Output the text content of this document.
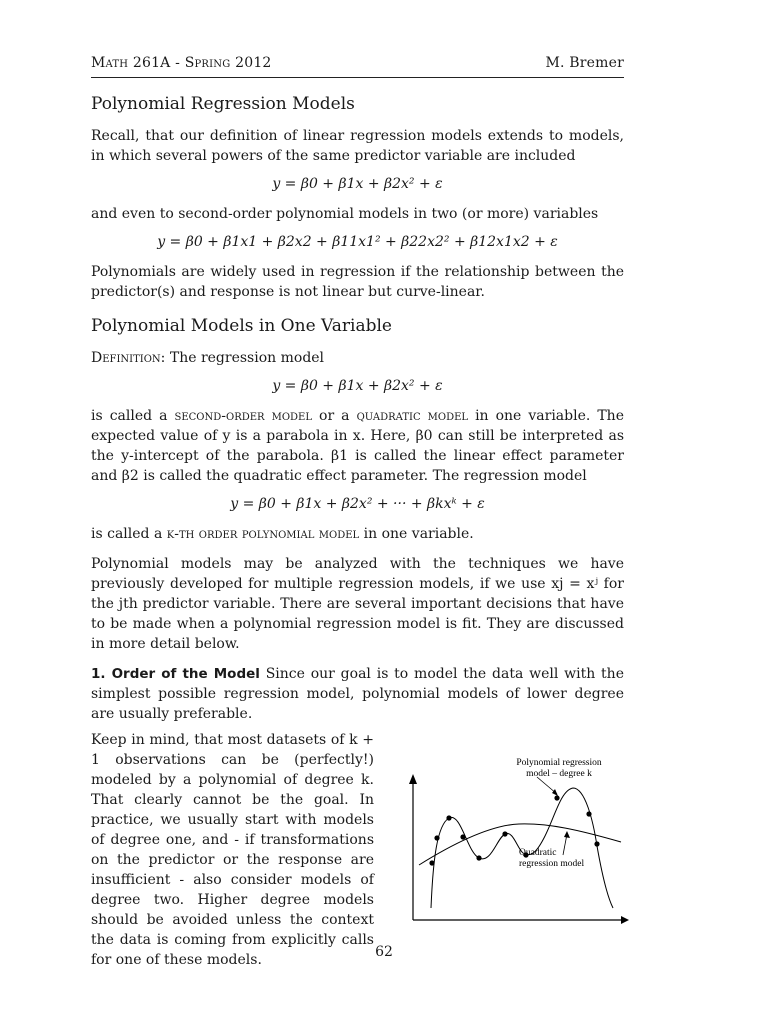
Math 261A - Spring 2012	M. Bremer
Polynomial Regression Models

Recall, that our definition of linear regression models extends to models, in which several powers of the same predictor variable are included

y = β0 + β1x + β2x² + ε

and even to second-order polynomial models in two (or more) variables

y = β0 + β1x1 + β2x2 + β11x1² + β22x2² + β12x1x2 + ε

Polynomials are widely used in regression if the relationship between the predictor(s) and response is not linear but curve-linear.

Polynomial Models in One Variable

Definition: The regression model

y = β0 + β1x + β2x² + ε

is called a second-order model or a quadratic model in one variable. The expected value of y is a parabola in x. Here, β0 can still be interpreted as the y-intercept of the parabola. β1 is called the linear effect parameter and β2 is called the quadratic effect parameter. The regression model

y = β0 + β1x + β2x² + ··· + βkxᵏ + ε

is called a k-th order polynomial model in one variable.

Polynomial models may be analyzed with the techniques we have previously developed for multiple regression models, if we use xj = xʲ for the jth predictor variable. There are several important decisions that have to be made when a polynomial regression model is fit. They are discussed in more detail below.

1. Order of the Model Since our goal is to model the data well with the simplest possible regression model, polynomial models of lower degree are usually preferable.

Keep in mind, that most datasets of k + 1 observations can be (perfectly!) modeled by a polynomial of degree k. That clearly cannot be the goal. In practice, we usually start with models of degree one, and - if transformations on the predictor or the response are insufficient - also consider models of degree two. Higher degree models should be avoided unless the context the data is coming from explicitly calls for one of these models.

Polynomial regression
model – degree k
Quadratic
regression model
62
